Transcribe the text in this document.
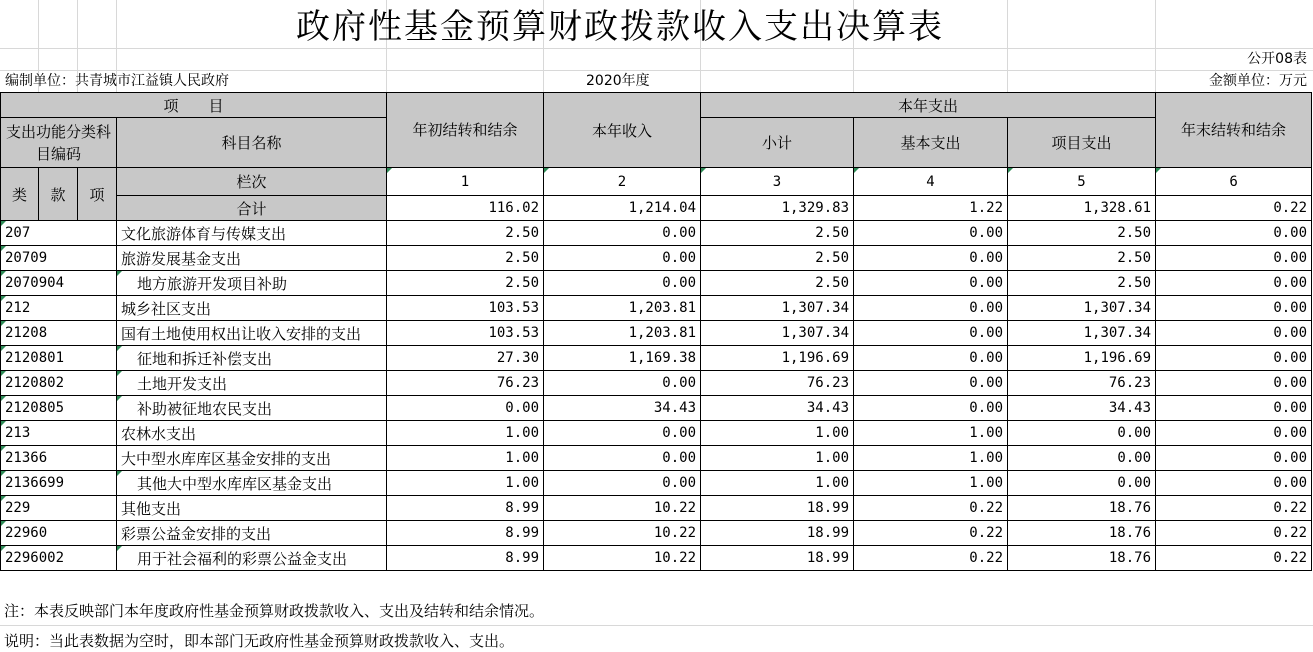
政府性基金预算财政拨款收入支出决算表
公开08表
编制单位：共青城市江益镇人民政府	2020年度	金额单位：万元
项　　目				年初结转和结余	本年收入	本年支出			年末结转和结余
支出功能分类科目编码			科目名称			小计	基本支出	项目支出	

类	款	项	栏次	1	2	3	4	5	6
			合计	116.02	1,214.04	1,329.83	1.22	1,328.61	0.22
207			文化旅游体育与传媒支出	2.50	0.00	2.50	0.00	2.50	0.00
20709			旅游发展基金支出	2.50	0.00	2.50	0.00	2.50	0.00
2070904			地方旅游开发项目补助	2.50	0.00	2.50	0.00	2.50	0.00
212			城乡社区支出	103.53	1,203.81	1,307.34	0.00	1,307.34	0.00
21208			国有土地使用权出让收入安排的支出	103.53	1,203.81	1,307.34	0.00	1,307.34	0.00
2120801			征地和拆迁补偿支出	27.30	1,169.38	1,196.69	0.00	1,196.69	0.00
2120802			土地开发支出	76.23	0.00	76.23	0.00	76.23	0.00
2120805			补助被征地农民支出	0.00	34.43	34.43	0.00	34.43	0.00
213			农林水支出	1.00	0.00	1.00	1.00	0.00	0.00
21366			大中型水库库区基金安排的支出	1.00	0.00	1.00	1.00	0.00	0.00
2136699			其他大中型水库库区基金支出	1.00	0.00	1.00	1.00	0.00	0.00
229			其他支出	8.99	10.22	18.99	0.22	18.76	0.22
22960			彩票公益金安排的支出	8.99	10.22	18.99	0.22	18.76	0.22
2296002			用于社会福利的彩票公益金支出	8.99	10.22	18.99	0.22	18.76	0.22
注：本表反映部门本年度政府性基金预算财政拨款收入、支出及结转和结余情况。
说明：当此表数据为空时，即本部门无政府性基金预算财政拨款收入、支出。
